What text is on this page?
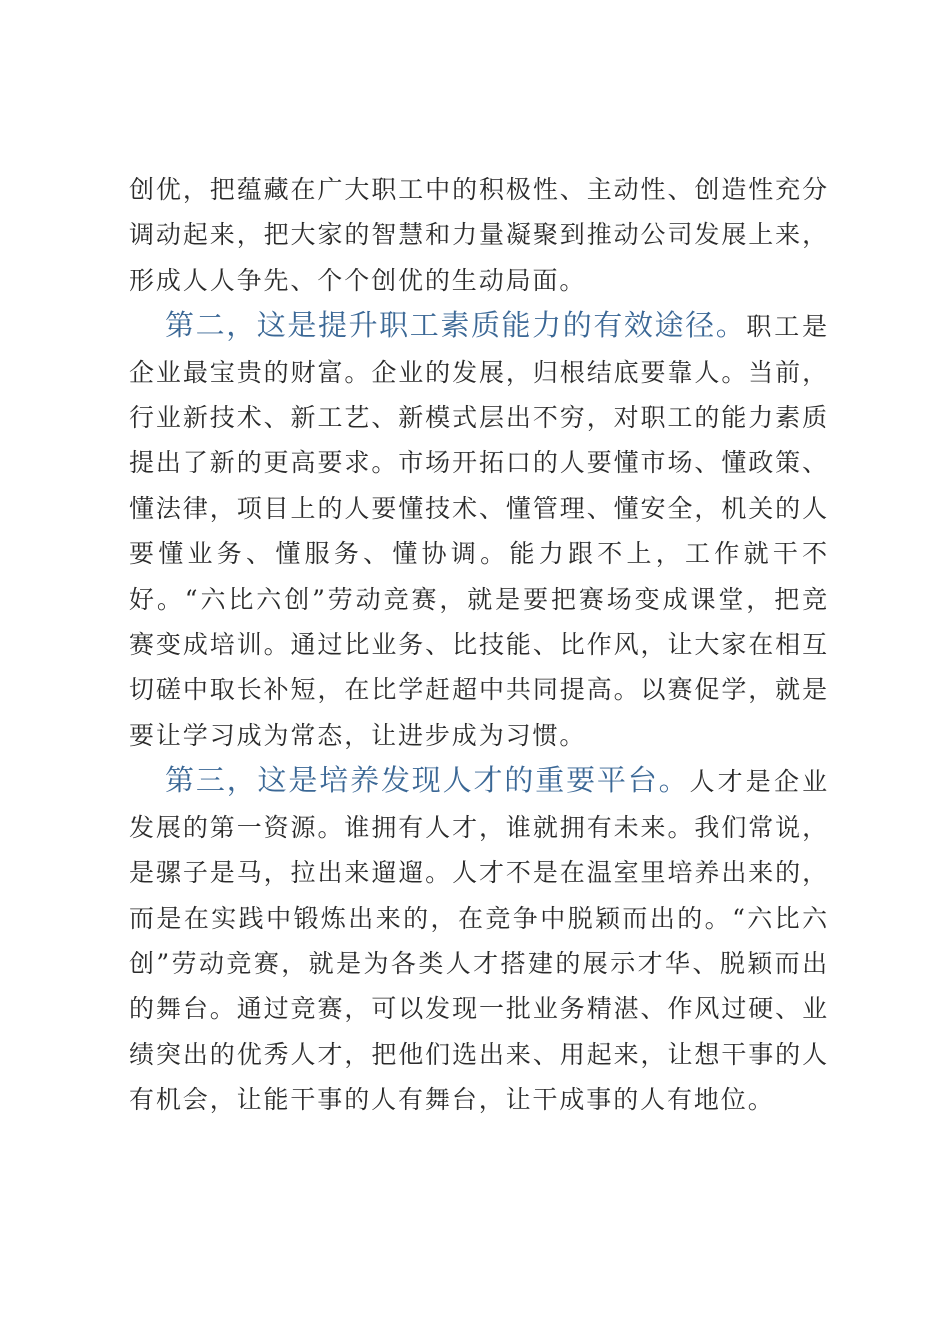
创优，把蕴藏在广大职工中的积极性、主动性、创造性充分调动起来，把大家的智慧和力量凝聚到推动公司发展上来，形成人人争先、个个创优的生动局面。

第二，这是提升职工素质能力的有效途径。职工是企业最宝贵的财富。企业的发展，归根结底要靠人。当前，行业新技术、新工艺、新模式层出不穷，对职工的能力素质提出了新的更高要求。市场开拓口的人要懂市场、懂政策、懂法律，项目上的人要懂技术、懂管理、懂安全，机关的人要懂业务、懂服务、懂协调。能力跟不上，工作就干不好。“六比六创”劳动竞赛，就是要把赛场变成课堂，把竞赛变成培训。通过比业务、比技能、比作风，让大家在相互切磋中取长补短，在比学赶超中共同提高。以赛促学，就是要让学习成为常态，让进步成为习惯。

第三，这是培养发现人才的重要平台。人才是企业发展的第一资源。谁拥有人才，谁就拥有未来。我们常说，是骡子是马，拉出来遛遛。人才不是在温室里培养出来的，而是在实践中锻炼出来的，在竞争中脱颖而出的。“六比六创”劳动竞赛，就是为各类人才搭建的展示才华、脱颖而出的舞台。通过竞赛，可以发现一批业务精湛、作风过硬、业绩突出的优秀人才，把他们选出来、用起来，让想干事的人有机会，让能干事的人有舞台，让干成事的人有地位。
